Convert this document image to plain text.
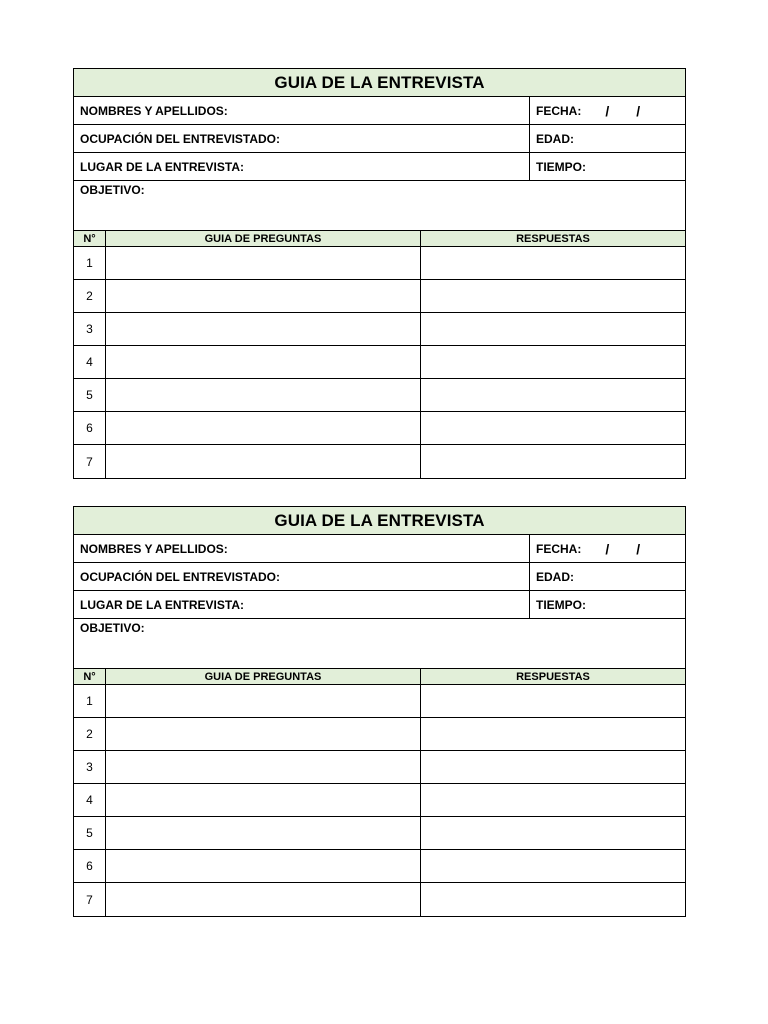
GUIA DE LA ENTREVISTA
NOMBRES Y APELLIDOS:	FECHA: / /
OCUPACIÓN DEL ENTREVISTADO:	EDAD:
LUGAR DE LA ENTREVISTA:	TIEMPO:
OBJETIVO:
N°	GUIA DE PREGUNTAS	RESPUESTAS
1
2
3
4
5
6
7
GUIA DE LA ENTREVISTA
NOMBRES Y APELLIDOS:	FECHA: / /
OCUPACIÓN DEL ENTREVISTADO:	EDAD:
LUGAR DE LA ENTREVISTA:	TIEMPO:
OBJETIVO:
N°	GUIA DE PREGUNTAS	RESPUESTAS
1
2
3
4
5
6
7
